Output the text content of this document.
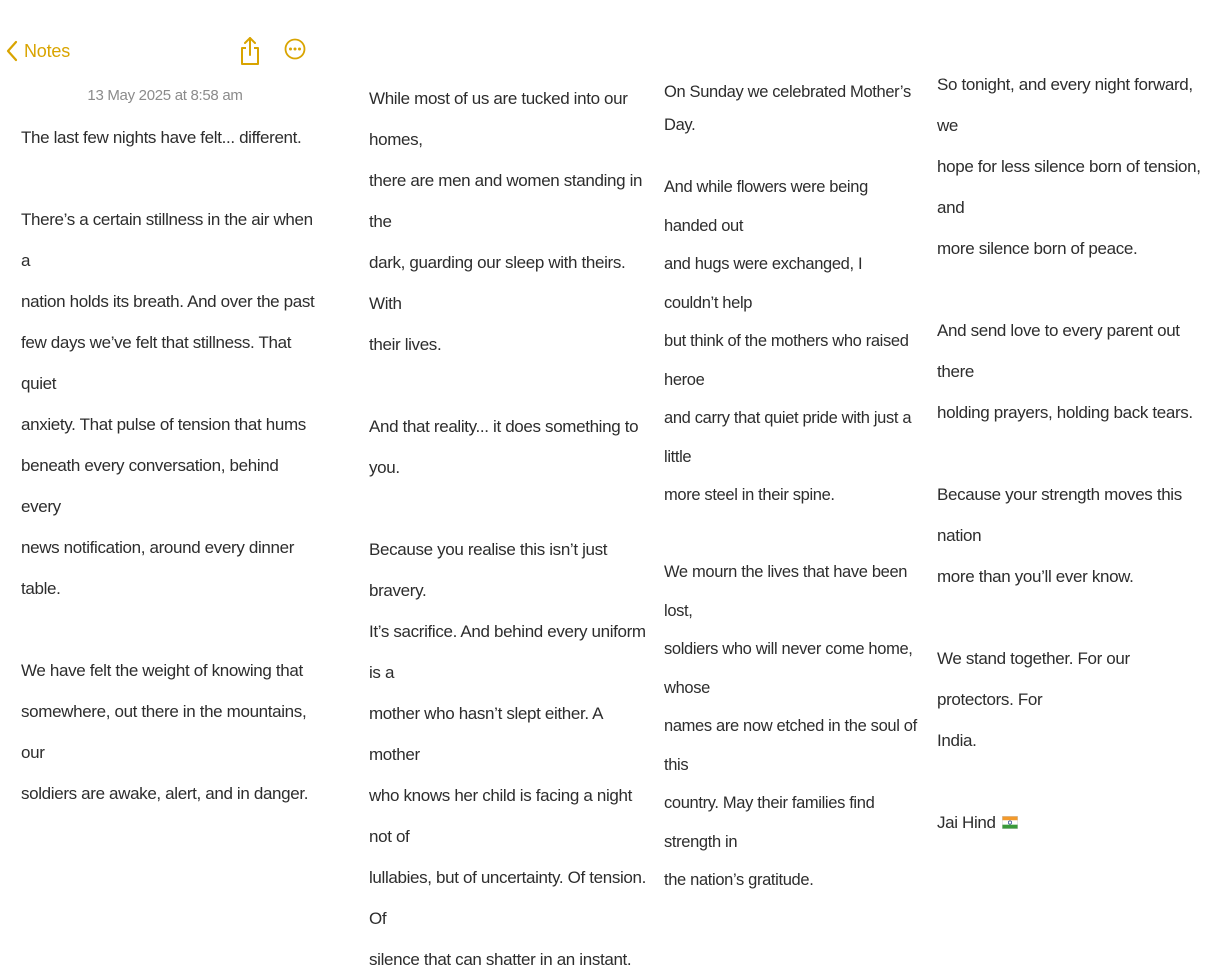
Notes
13 May 2025 at 8:58 am

The last few nights have felt... different.

There’s a certain stillness in the air when a
nation holds its breath. And over the past
few days we’ve felt that stillness. That quiet
anxiety. That pulse of tension that hums
beneath every conversation, behind every
news notification, around every dinner table.

We have felt the weight of knowing that
somewhere, out there in the mountains, our
soldiers are awake, alert, and in danger.

While most of us are tucked into our homes,
there are men and women standing in the
dark, guarding our sleep with theirs. With
their lives.

And that reality... it does something to you.

Because you realise this isn’t just bravery.
It’s sacrifice. And behind every uniform is a
mother who hasn’t slept either. A mother
who knows her child is facing a night not of
lullabies, but of uncertainty. Of tension. Of
silence that can shatter in an instant.

On Sunday we celebrated Mother’s
Day.

And while flowers were being handed out
and hugs were exchanged, I couldn’t help
but think of the mothers who raised heroe
and carry that quiet pride with just a little
more steel in their spine.

We mourn the lives that have been lost,
soldiers who will never come home, whose
names are now etched in the soul of this
country. May their families find strength in
the nation’s gratitude.

So tonight, and every night forward, we
hope for less silence born of tension, and
more silence born of peace.

And send love to every parent out there
holding prayers, holding back tears.

Because your strength moves this nation
more than you’ll ever know.

We stand together. For our protectors. For
India.

Jai Hind
